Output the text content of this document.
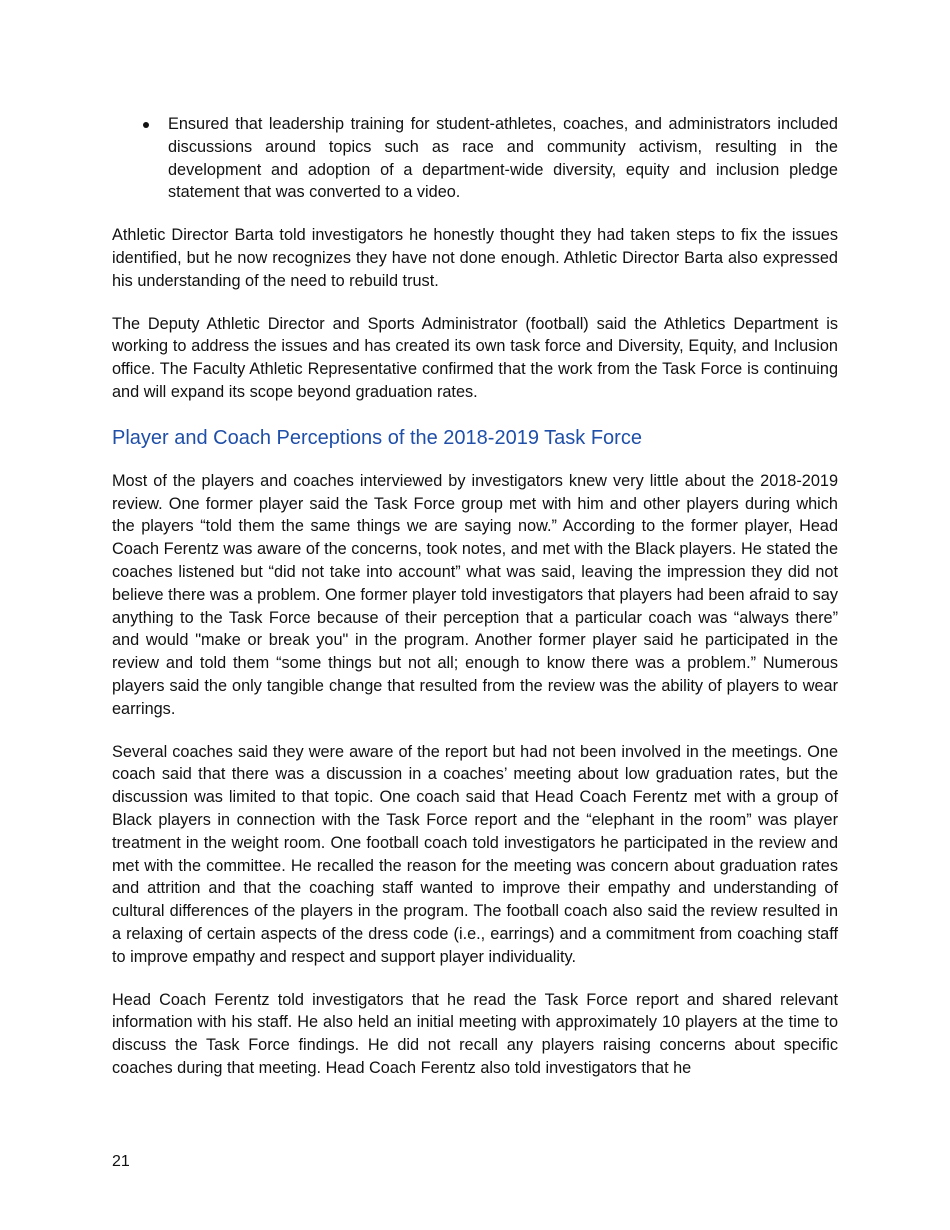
Ensured that leadership training for student-athletes, coaches, and administrators included discussions around topics such as race and community activism, resulting in the development and adoption of a department-wide diversity, equity and inclusion pledge statement that was converted to a video.

Athletic Director Barta told investigators he honestly thought they had taken steps to fix the issues identified, but he now recognizes they have not done enough. Athletic Director Barta also expressed his understanding of the need to rebuild trust.

The Deputy Athletic Director and Sports Administrator (football) said the Athletics Department is working to address the issues and has created its own task force and Diversity, Equity, and Inclusion office. The Faculty Athletic Representative confirmed that the work from the Task Force is continuing and will expand its scope beyond graduation rates.

Player and Coach Perceptions of the 2018-2019 Task Force

Most of the players and coaches interviewed by investigators knew very little about the 2018-2019 review. One former player said the Task Force group met with him and other players during which the players “told them the same things we are saying now.” According to the former player, Head Coach Ferentz was aware of the concerns, took notes, and met with the Black players. He stated the coaches listened but “did not take into account” what was said, leaving the impression they did not believe there was a problem. One former player told investigators that players had been afraid to say anything to the Task Force because of their perception that a particular coach was “always there” and would "make or break you" in the program. Another former player said he participated in the review and told them “some things but not all; enough to know there was a problem.” Numerous players said the only tangible change that resulted from the review was the ability of players to wear earrings.

Several coaches said they were aware of the report but had not been involved in the meetings. One coach said that there was a discussion in a coaches’ meeting about low graduation rates, but the discussion was limited to that topic. One coach said that Head Coach Ferentz met with a group of Black players in connection with the Task Force report and the “elephant in the room” was player treatment in the weight room. One football coach told investigators he participated in the review and met with the committee. He recalled the reason for the meeting was concern about graduation rates and attrition and that the coaching staff wanted to improve their empathy and understanding of cultural differences of the players in the program. The football coach also said the review resulted in a relaxing of certain aspects of the dress code (i.e., earrings) and a commitment from coaching staff to improve empathy and respect and support player individuality.

Head Coach Ferentz told investigators that he read the Task Force report and shared relevant information with his staff. He also held an initial meeting with approximately 10 players at the time to discuss the Task Force findings. He did not recall any players raising concerns about specific coaches during that meeting. Head Coach Ferentz also told investigators that he

21
